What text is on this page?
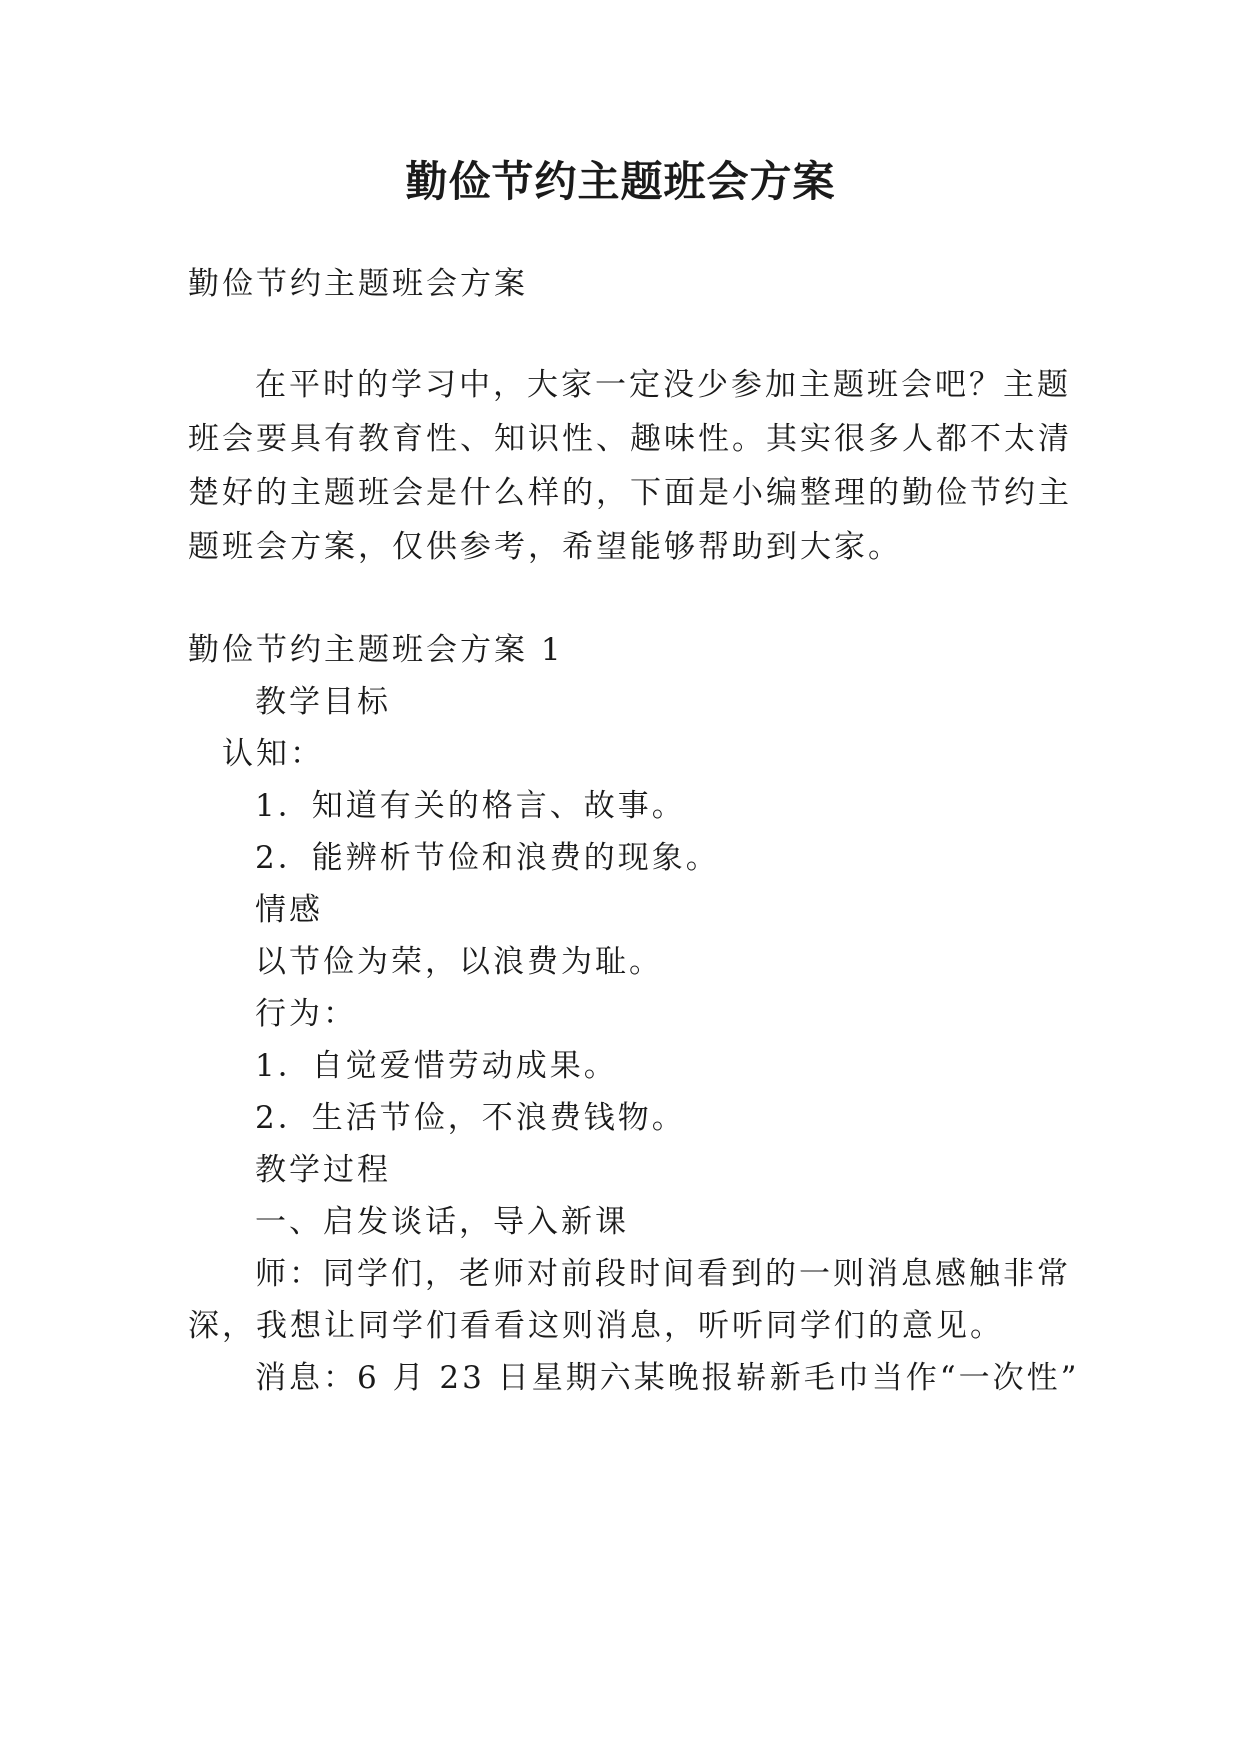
勤俭节约主题班会方案
勤俭节约主题班会方案
在平时的学习中，大家一定没少参加主题班会吧？主题
班会要具有教育性、知识性、趣味性。其实很多人都不太清
楚好的主题班会是什么样的，下面是小编整理的勤俭节约主
题班会方案，仅供参考，希望能够帮助到大家。
勤俭节约主题班会方案 1
教学目标
认知：
1．知道有关的格言、故事。
2．能辨析节俭和浪费的现象。
情感
以节俭为荣，以浪费为耻。
行为：
1．自觉爱惜劳动成果。
2．生活节俭，不浪费钱物。
教学过程
一、启发谈话，导入新课
师：同学们，老师对前段时间看到的一则消息感触非常
深，我想让同学们看看这则消息，听听同学们的意见。
消息：6 月 23 日星期六某晚报崭新毛巾当作“一次性”
